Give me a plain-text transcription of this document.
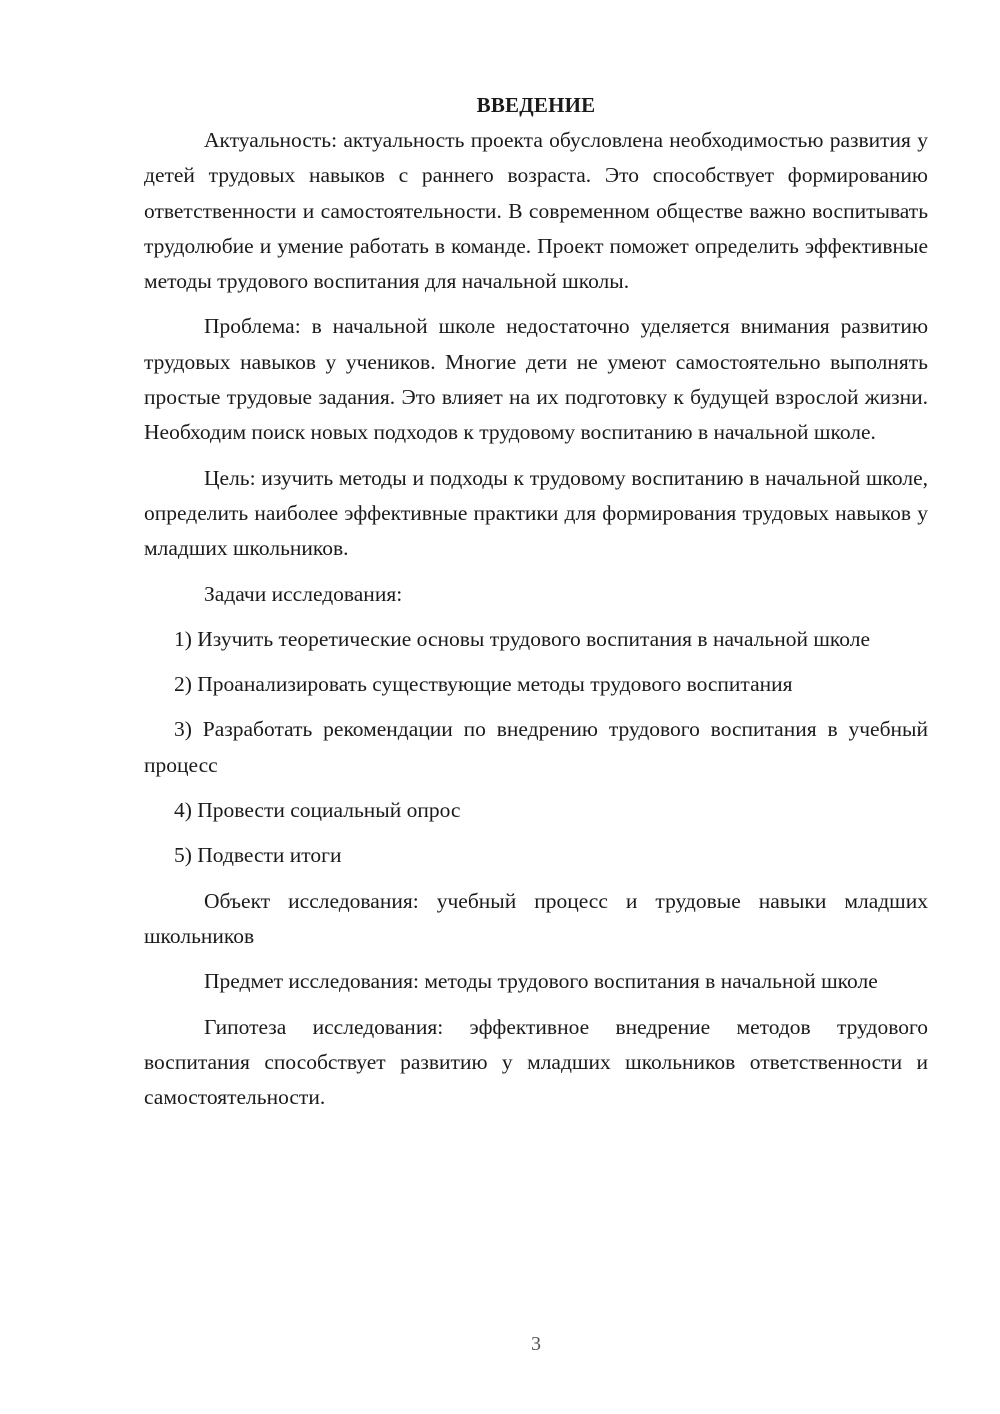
ВВЕДЕНИЕ

Актуальность: актуальность проекта обусловлена необходимостью развития у детей трудовых навыков с раннего возраста. Это способствует формированию ответственности и самостоятельности. В современном обществе важно воспитывать трудолюбие и умение работать в команде. Проект поможет определить эффективные методы трудового воспитания для начальной школы.

Проблема: в начальной школе недостаточно уделяется внимания развитию трудовых навыков у учеников. Многие дети не умеют самостоятельно выполнять простые трудовые задания. Это влияет на их подготовку к будущей взрослой жизни. Необходим поиск новых подходов к трудовому воспитанию в начальной школе.

Цель: изучить методы и подходы к трудовому воспитанию в начальной школе, определить наиболее эффективные практики для формирования трудовых навыков у младших школьников.

Задачи исследования:

1) Изучить теоретические основы трудового воспитания в начальной школе

2) Проанализировать существующие методы трудового воспитания

3) Разработать рекомендации по внедрению трудового воспитания в учебный процесс

4) Провести социальный опрос

5) Подвести итоги

Объект исследования: учебный процесс и трудовые навыки младших школьников

Предмет исследования: методы трудового воспитания в начальной школе

Гипотеза исследования: эффективное внедрение методов трудового воспитания способствует развитию у младших школьников ответственности и самостоятельности.

3
